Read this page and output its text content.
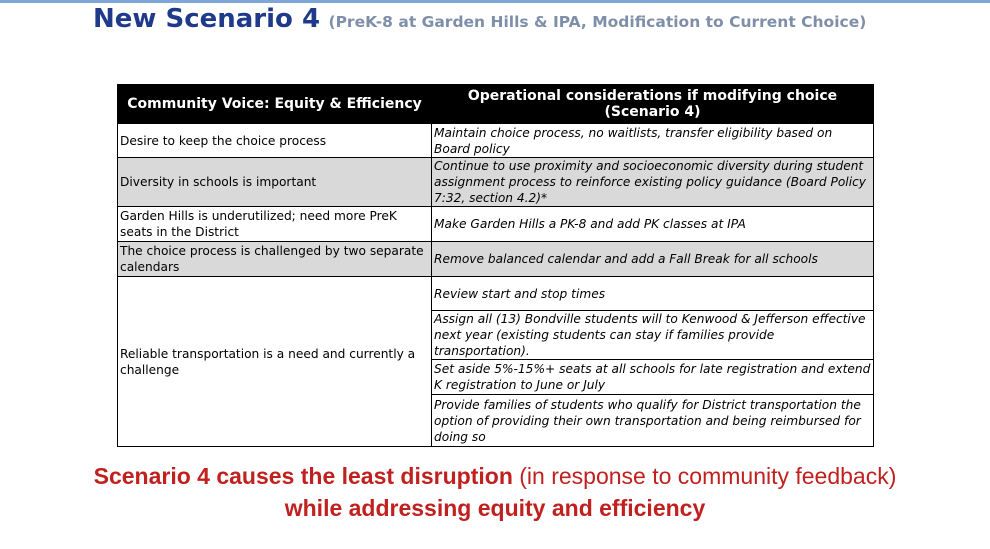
New Scenario 4 (PreK-8 at Garden Hills & IPA, Modification to Current Choice)
Community Voice: Equity & Efficiency	Operational considerations if modifying choice (Scenario 4)
Desire to keep the choice process	Maintain choice process, no waitlists, transfer eligibility based on Board policy
Diversity in schools is important	Continue to use proximity and socioeconomic diversity during student assignment process to reinforce existing policy guidance (Board Policy 7:32, section 4.2)*
Garden Hills is underutilized; need more PreK seats in the District	Make Garden Hills a PK-8 and add PK classes at IPA
The choice process is challenged by two separate calendars	Remove balanced calendar and add a Fall Break for all schools
Reliable transportation is a need and currently a challenge	Review start and stop times
	Assign all (13) Bondville students will to Kenwood & Jefferson effective next year (existing students can stay if families provide transportation).
	Set aside 5%-15%+ seats at all schools for late registration and extend K registration to June or July
	Provide families of students who qualify for District transportation the option of providing their own transportation and being reimbursed for doing so
Scenario 4 causes the least disruption (in response to community feedback)
while addressing equity and efficiency
